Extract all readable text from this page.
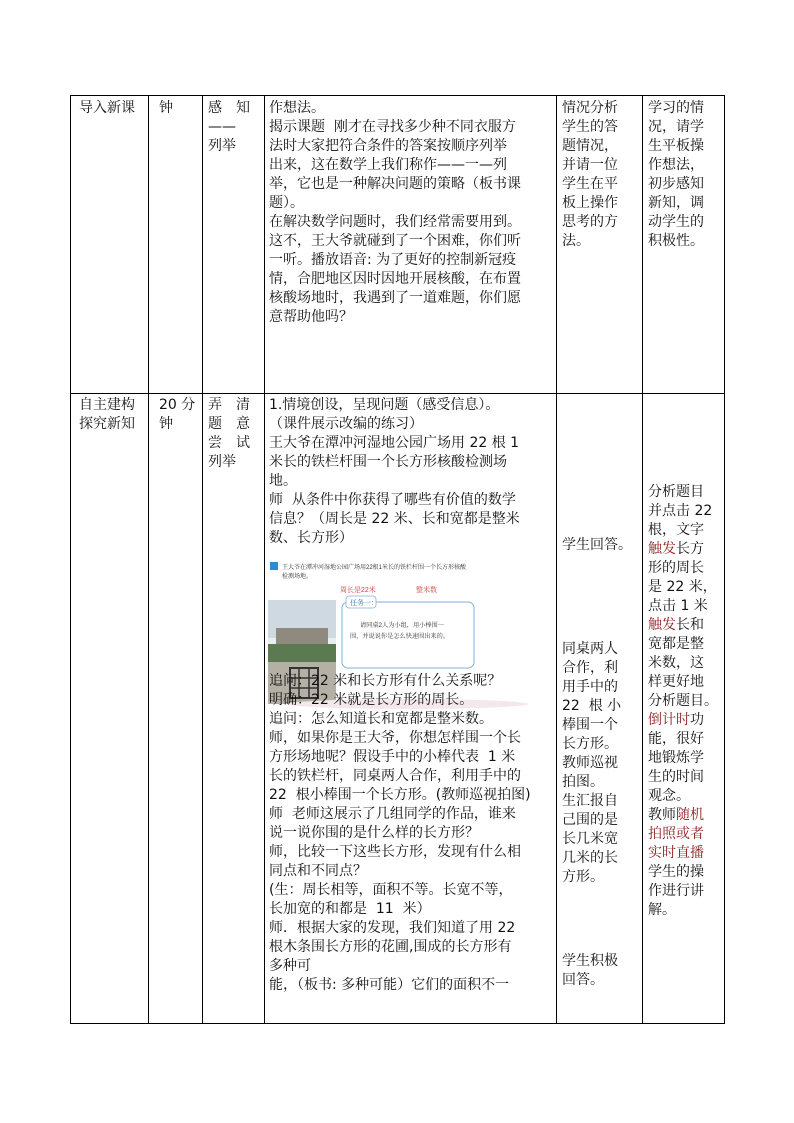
导入新课 钟	感　知
——
列举
作想法。
揭示课题  刚才在寻找多少种不同衣服方
法时大家把符合条件的答案按顺序列举
出来，这在数学上我们称作——一—列
举，它也是一种解决问题的策略（板书课
题）。
在解决数学问题时，我们经常需要用到。
这不，王大爷就碰到了一个困难，你们听
一听。播放语音: 为了更好的控制新冠疫
情，合肥地区因时因地开展核酸，在布置
核酸场地时，我遇到了一道难题，你们愿
意帮助他吗？
情况分析
学生的答
题情况，
并请一位
学生在平
板上操作
思考的方
法。
学习的情
况，请学
生平板操
作想法，
初步感知
新知，调
动学生的
积极性。
自主建构
探究新知
20 分
钟
弄　清
题　意
尝　试
列举
1.情境创设，呈现问题（感受信息）。
（课件展示改编的练习）
王大爷在潭冲河湿地公园广场用 22 根 1
米长的铁栏杆围一个长方形核酸检测场
地。
师  从条件中你获得了哪些有价值的数学
信息？（周长是 22 米、长和宽都是整米
数、长方形）
王大爷在潭冲河湿地公园广场用22根1米长的铁栏杆围一个长方形核酸
检测场地。
周长是22米	整米数
任务一：
请同桌2人为小组，用小棒围一
围，并说说你是怎么快速围出来的。
追问：22 米和长方形有什么关系呢？
明确：22 米就是长方形的周长。
追问：怎么知道长和宽都是整米数。
师，如果你是王大爷，你想怎样围一个长
方形场地呢？假设手中的小棒代表  1 米
长的铁栏杆，同桌两人合作，利用手中的
22  根小棒围一个长方形。(教师巡视拍图)
师  老师这展示了几组同学的作品，谁来
说一说你围的是什么样的长方形？
师，比较一下这些长方形，发现有什么相
同点和不同点？
(生：周长相等，面积不等。长宽不等，
长加宽的和都是  11  米）
师．根据大家的发现，我们知道了用 22
根木条围长方形的花圃,围成的长方形有
多种可
能，（板书: 多种可能）它们的面积不一
学生回答。
同桌两人
合作，利
用手中的
22  根 小
棒围一个
长方形。
教师巡视
拍图。
生汇报自
己围的是
长几米宽
几米的长
方形。
学生积极
回答。
分析题目
并点击 22
根，文字
触发长方
形的周长
是 22 米，
点击 1 米
触发长和
宽都是整
米数，这
样更好地
分析题目。
倒计时功
能，很好
地锻炼学
生的时间
观念。
教师随机
拍照或者
实时直播
学生的操
作进行讲
解。
